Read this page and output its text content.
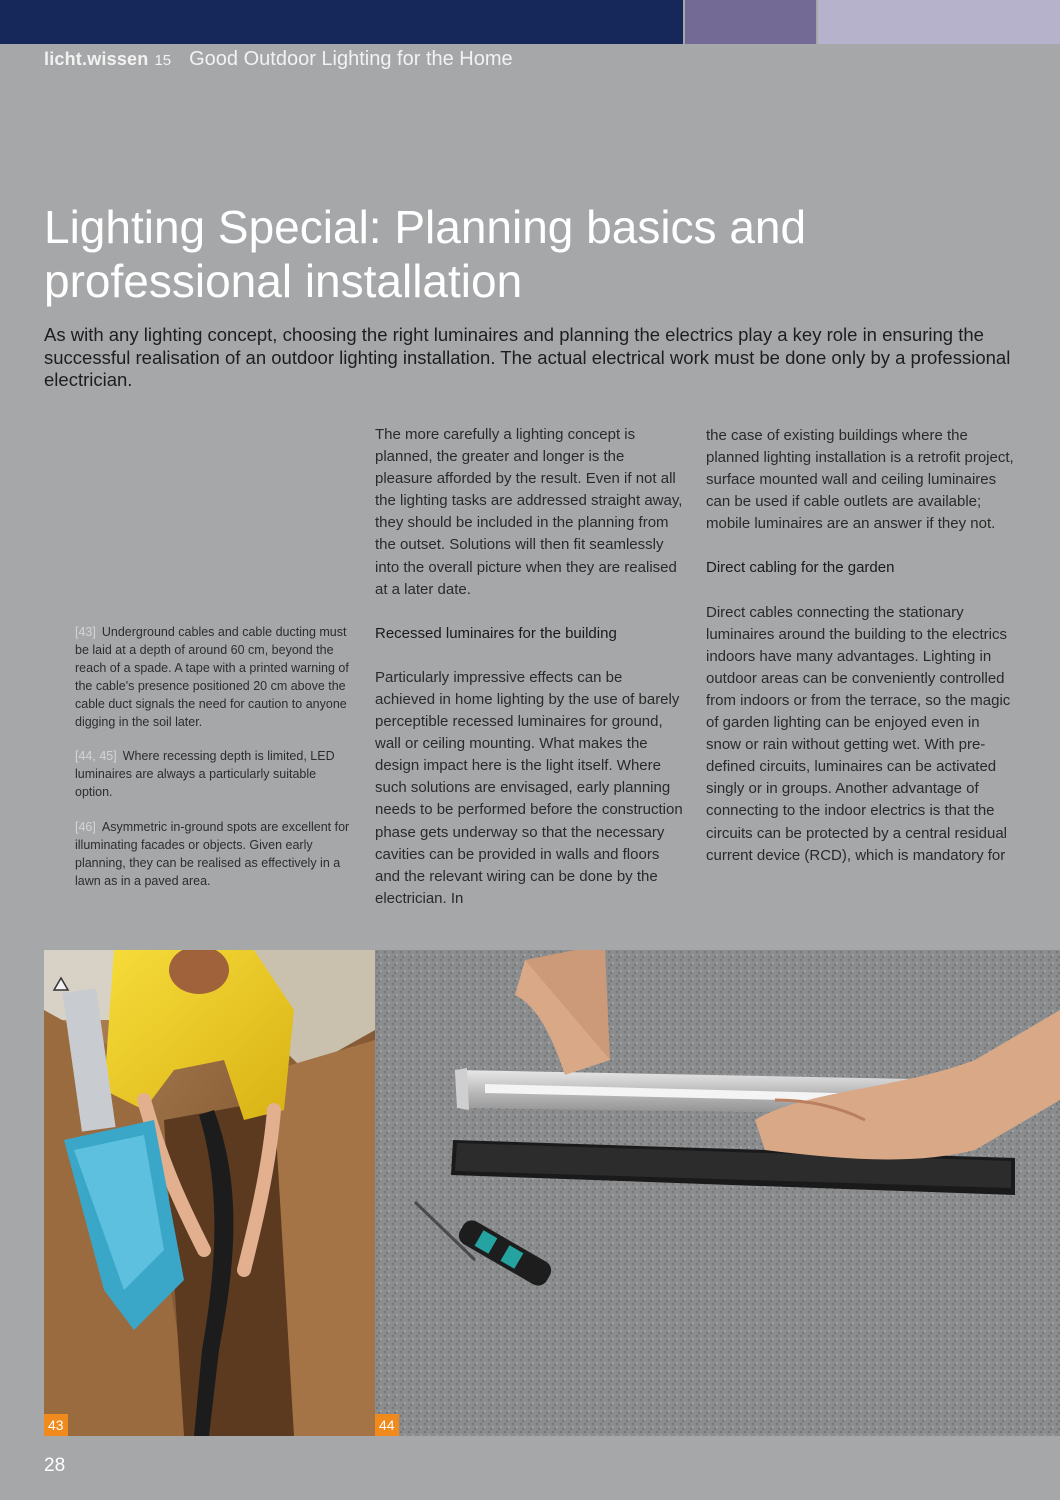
licht.wissen 15 Good Outdoor Lighting for the Home
Lighting Special: Planning basics and professional installation

As with any lighting concept, choosing the right luminaires and planning the electrics play a key role in ensuring the successful realisation of an outdoor lighting installation. The actual electrical work must be done only by a professional electrician.

The more carefully a lighting concept is planned, the greater and longer is the pleasure afforded by the result. Even if not all the lighting tasks are addressed straight away, they should be included in the planning from the outset. Solutions will then fit seamlessly into the overall picture when they are realised at a later date.

Recessed luminaires for the building

Particularly impressive effects can be achieved in home lighting by the use of barely perceptible recessed luminaires for ground, wall or ceiling mounting. What makes the design impact here is the light itself. Where such solutions are envisaged, early planning needs to be performed before the construction phase gets underway so that the necessary cavities can be provided in walls and floors and the relevant wiring can be done by the electrician. In

the case of existing buildings where the planned lighting installation is a retrofit project, surface mounted wall and ceiling luminaires can be used if cable outlets are available; mobile luminaires are an answer if they not.

Direct cabling for the garden

Direct cables connecting the stationary luminaires around the building to the electrics indoors have many advantages. Lighting in outdoor areas can be conveniently controlled from indoors or from the terrace, so the magic of garden lighting can be enjoyed even in snow or rain without getting wet. With pre-defined circuits, luminaires can be activated singly or in groups. Another advantage of connecting to the indoor electrics is that the circuits can be protected by a central residual current device (RCD), which is mandatory for

[43] Underground cables and cable ducting must be laid at a depth of around 60 cm, beyond the reach of a spade. A tape with a printed warning of the cable's presence positioned 20 cm above the cable duct signals the need for caution to anyone digging in the soil later.

[44, 45] Where recessing depth is limited, LED luminaires are always a particularly suitable option.

[46] Asymmetric in-ground spots are excellent for illuminating facades or objects. Given early planning, they can be realised as effectively in a lawn as in a paved area.

43	44
28
